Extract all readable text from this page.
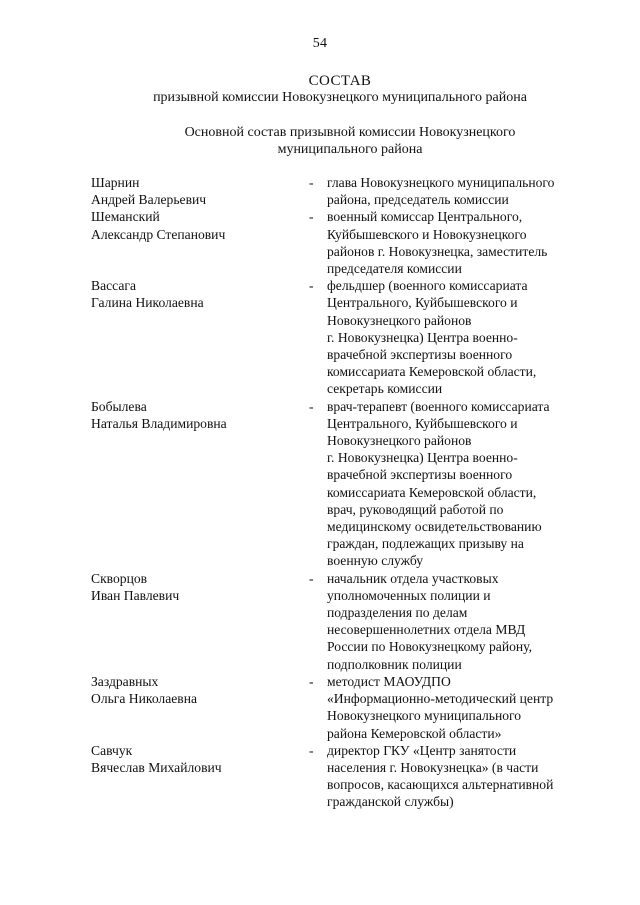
54
СОСТАВ
призывной комиссии Новокузнецкого муниципального района
Основной состав призывной комиссии Новокузнецкого
муниципального района
Шарнин
Андрей Валерьевич
- глава Новокузнецкого муниципального
района, председатель комиссии
Шеманский
Александр Степанович
- военный комиссар Центрального,
Куйбышевского и Новокузнецкого
районов г. Новокузнецка, заместитель
председателя комиссии
Вассага
Галина Николаевна
- фельдшер (военного комиссариата
Центрального, Куйбышевского и
Новокузнецкого районов
г. Новокузнецка) Центра военно-
врачебной экспертизы военного
комиссариата Кемеровской области,
секретарь комиссии
Бобылева
Наталья Владимировна
- врач-терапевт (военного комиссариата
Центрального, Куйбышевского и
Новокузнецкого районов
г. Новокузнецка) Центра военно-
врачебной экспертизы военного
комиссариата Кемеровской области,
врач, руководящий работой по
медицинскому освидетельствованию
граждан, подлежащих призыву на
военную службу
Скворцов
Иван Павлевич
- начальник отдела участковых
уполномоченных полиции и
подразделения по делам
несовершеннолетних отдела МВД
России по Новокузнецкому району,
подполковник полиции
Заздравных
Ольга Николаевна
- методист МАОУДПО
«Информационно-методический центр
Новокузнецкого муниципального
района Кемеровской области»
Савчук
Вячеслав Михайлович
- директор ГКУ «Центр занятости
населения г. Новокузнецка» (в части
вопросов, касающихся альтернативной
гражданской службы)
